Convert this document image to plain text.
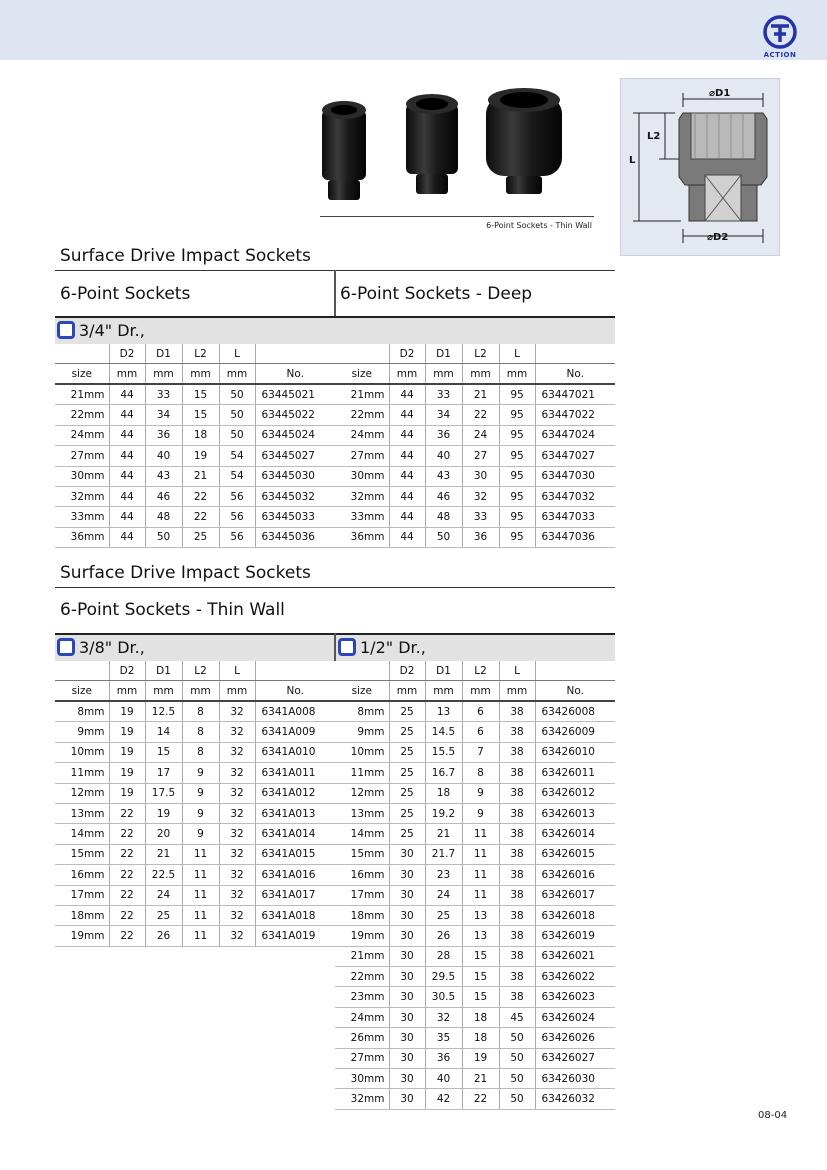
ACTION
6-Point Sockets - Thin Wall
⌀D1
⌀D2
L2
L
Surface Drive Impact Sockets
6-Point Sockets	6-Point Sockets - Deep
3/4" Dr.,
	D2	D1	L2	L	
size	mm	mm	mm	mm	No.
21mm	44	33	15	50	63445021
22mm	44	34	15	50	63445022
24mm	44	36	18	50	63445024
27mm	44	40	19	54	63445027
30mm	44	43	21	54	63445030
32mm	44	46	22	56	63445032
33mm	44	48	22	56	63445033
36mm	44	50	25	56	63445036
	D2	D1	L2	L	
size	mm	mm	mm	mm	No.
21mm	44	33	21	95	63447021
22mm	44	34	22	95	63447022
24mm	44	36	24	95	63447024
27mm	44	40	27	95	63447027
30mm	44	43	30	95	63447030
32mm	44	46	32	95	63447032
33mm	44	48	33	95	63447033
36mm	44	50	36	95	63447036
Surface Drive Impact Sockets
6-Point Sockets - Thin Wall
3/8" Dr.,	1/2" Dr.,
	D2	D1	L2	L	
size	mm	mm	mm	mm	No.
8mm	19	12.5	8	32	6341A008
9mm	19	14	8	32	6341A009
10mm	19	15	8	32	6341A010
11mm	19	17	9	32	6341A011
12mm	19	17.5	9	32	6341A012
13mm	22	19	9	32	6341A013
14mm	22	20	9	32	6341A014
15mm	22	21	11	32	6341A015
16mm	22	22.5	11	32	6341A016
17mm	22	24	11	32	6341A017
18mm	22	25	11	32	6341A018
19mm	22	26	11	32	6341A019
	D2	D1	L2	L	
size	mm	mm	mm	mm	No.
8mm	25	13	6	38	63426008
9mm	25	14.5	6	38	63426009
10mm	25	15.5	7	38	63426010
11mm	25	16.7	8	38	63426011
12mm	25	18	9	38	63426012
13mm	25	19.2	9	38	63426013
14mm	25	21	11	38	63426014
15mm	30	21.7	11	38	63426015
16mm	30	23	11	38	63426016
17mm	30	24	11	38	63426017
18mm	30	25	13	38	63426018
19mm	30	26	13	38	63426019
21mm	30	28	15	38	63426021
22mm	30	29.5	15	38	63426022
23mm	30	30.5	15	38	63426023
24mm	30	32	18	45	63426024
26mm	30	35	18	50	63426026
27mm	30	36	19	50	63426027
30mm	30	40	21	50	63426030
32mm	30	42	22	50	63426032
08-04
